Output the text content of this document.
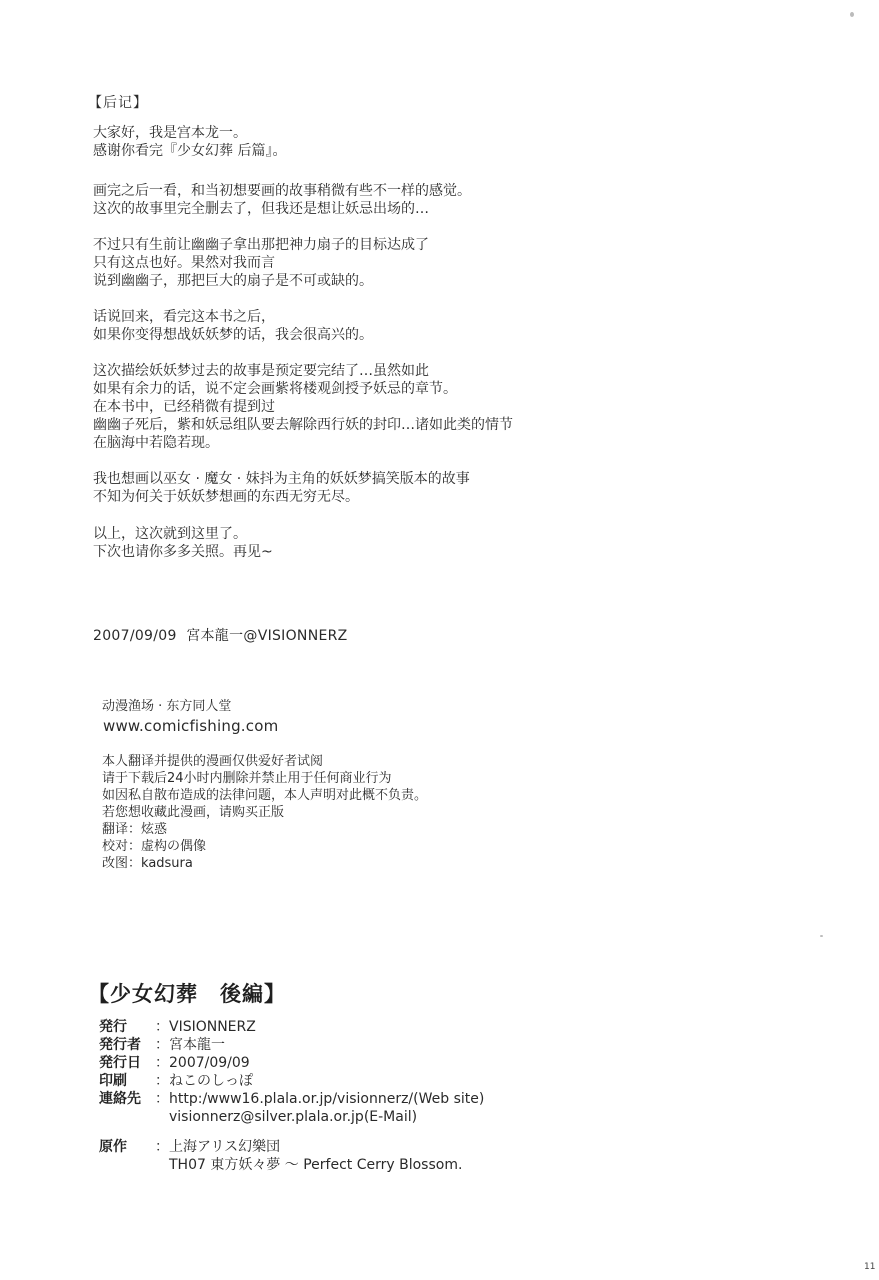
【后记】
大家好，我是宫本龙一。
感谢你看完『少女幻葬 后篇』。
画完之后一看，和当初想要画的故事稍微有些不一样的感觉。
这次的故事里完全删去了，但我还是想让妖忌出场的…
不过只有生前让幽幽子拿出那把神力扇子的目标达成了
只有这点也好。果然对我而言
说到幽幽子，那把巨大的扇子是不可或缺的。
话说回来，看完这本书之后，
如果你变得想战妖妖梦的话，我会很高兴的。
这次描绘妖妖梦过去的故事是预定要完结了…虽然如此
如果有余力的话，说不定会画紫将楼观剑授予妖忌的章节。
在本书中，已经稍微有提到过
幽幽子死后，紫和妖忌组队要去解除西行妖的封印…诸如此类的情节
在脑海中若隐若现。
我也想画以巫女 · 魔女 · 妹抖为主角的妖妖梦搞笑版本的故事
不知为何关于妖妖梦想画的东西无穷无尽。
以上，这次就到这里了。
下次也请你多多关照。再见~
2007/09/09  宮本龍一@VISIONNERZ
动漫渔场 · 东方同人堂
www.comicfishing.com
本人翻译并提供的漫画仅供爱好者试阅
请于下载后24小时内删除并禁止用于任何商业行为
如因私自散布造成的法律问题，本人声明对此概不负责。
若您想收藏此漫画，请购买正版
翻译：炫惑
校对：虚构の偶像
改图：kadsura
【少女幻葬　後編】
発行	：VISIONNERZ
発行者	：宮本龍一
発行日	：2007/09/09
印刷	：ねこのしっぽ
連絡先	：http:/www16.plala.or.jp/visionnerz/(Web site)
　visionnerz@silver.plala.or.jp(E-Mail)
原作	：上海アリス幻樂団
　TH07 東方妖々夢 ～ Perfect Cerry Blossom.
11
